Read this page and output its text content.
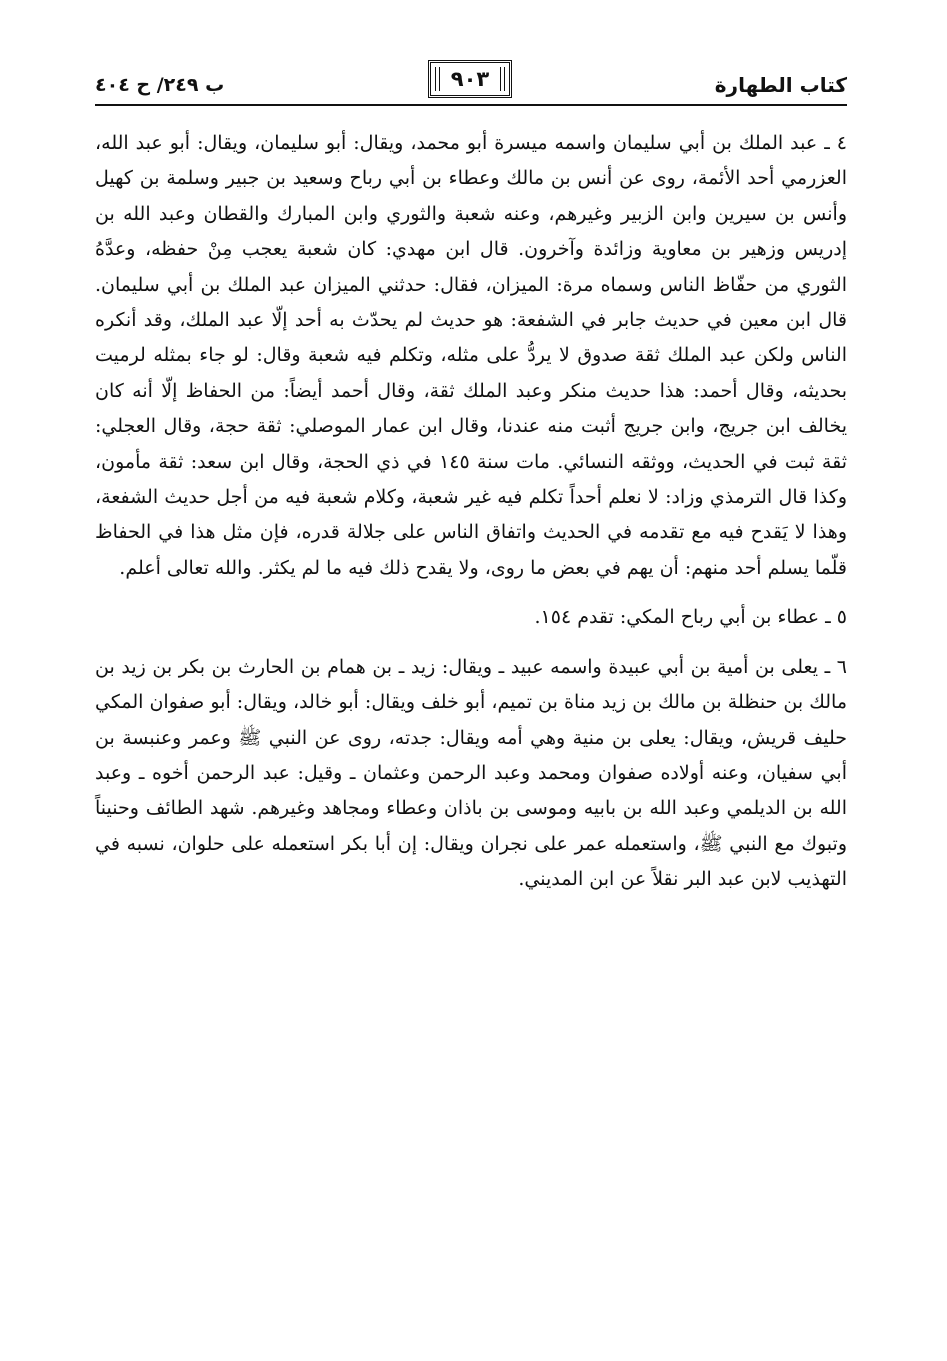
كتاب الطهارة
٩٠٣
ب ٢٤٩/ ح ٤٠٤

٤ ـ عبد الملك بن أبي سليمان واسمه ميسرة أبو محمد، ويقال: أبو سليمان، ويقال: أبو عبد الله، العزرمي أحد الأئمة، روى عن أنس بن مالك وعطاء بن أبي رباح وسعيد بن جبير وسلمة بن كهيل وأنس بن سيرين وابن الزبير وغيرهم، وعنه شعبة والثوري وابن المبارك والقطان وعبد الله بن إدريس وزهير بن معاوية وزائدة وآخرون. قال ابن مهدي: كان شعبة يعجب مِنْ حفظه، وعدَّهُ الثوري من حفّاظ الناس وسماه مرة: الميزان، فقال: حدثني الميزان عبد الملك بن أبي سليمان. قال ابن معين في حديث جابر في الشفعة: هو حديث لم يحدّث به أحد إلّا عبد الملك، وقد أنكره الناس ولكن عبد الملك ثقة صدوق لا يردُّ على مثله، وتكلم فيه شعبة وقال: لو جاء بمثله لرميت بحديثه، وقال أحمد: هذا حديث منكر وعبد الملك ثقة، وقال أحمد أيضاً: من الحفاظ إلّا أنه كان يخالف ابن جريج، وابن جريج أثبت منه عندنا، وقال ابن عمار الموصلي: ثقة حجة، وقال العجلي: ثقة ثبت في الحديث، ووثقه النسائي. مات سنة ١٤٥ في ذي الحجة، وقال ابن سعد: ثقة مأمون، وكذا قال الترمذي وزاد: لا نعلم أحداً تكلم فيه غير شعبة، وكلام شعبة فيه من أجل حديث الشفعة، وهذا لا يَقدح فيه مع تقدمه في الحديث واتفاق الناس على جلالة قدره، فإن مثل هذا في الحفاظ قلّما يسلم أحد منهم: أن يهم في بعض ما روى، ولا يقدح ذلك فيه ما لم يكثر. والله تعالى أعلم.

٥ ـ عطاء بن أبي رباح المكي: تقدم ١٥٤.

٦ ـ يعلى بن أمية بن أبي عبيدة واسمه عبيد ـ ويقال: زيد ـ بن همام بن الحارث بن بكر بن زيد بن مالك بن حنظلة بن مالك بن زيد مناة بن تميم، أبو خلف ويقال: أبو خالد، ويقال: أبو صفوان المكي حليف قريش، ويقال: يعلى بن منية وهي أمه ويقال: جدته، روى عن النبي ﷺ وعمر وعنبسة بن أبي سفيان، وعنه أولاده صفوان ومحمد وعبد الرحمن وعثمان ـ وقيل: عبد الرحمن أخوه ـ وعبد الله بن الديلمي وعبد الله بن بابيه وموسى بن باذان وعطاء ومجاهد وغيرهم. شهد الطائف وحنيناً وتبوك مع النبي ﷺ، واستعمله عمر على نجران ويقال: إن أبا بكر استعمله على حلوان، نسبه في التهذيب لابن عبد البر نقلاً عن ابن المديني.
